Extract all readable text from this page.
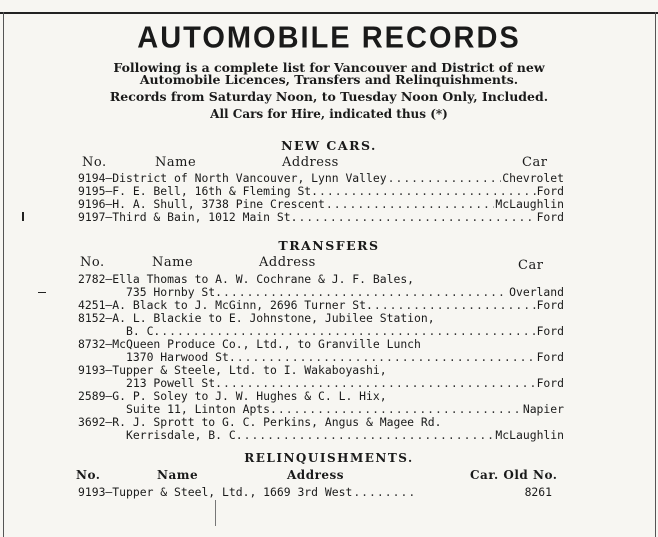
AUTOMOBILE RECORDS
Following is a complete list for Vancouver and District of new
Automobile Licences, Transfers and Relinquishments.
Records from Saturday Noon, to Tuesday Noon Only, Included.
All Cars for Hire, indicated thus (*)
NEW CARS.
No.	Name	Address	Car
9194—District of North Vancouver, Lynn Valley .....	Chevrolet
9195—F. E. Bell, 16th & Fleming St. .....	Ford
9196—H. A. Shull, 3738 Pine Crescent .....	McLaughlin
9197—Third & Bain, 1012 Main St. .....	Ford
TRANSFERS
No.	Name	Address	Car
2782—Ella Thomas to A. W. Cochrane & J. F. Bales,
735 Hornby St. .....	Overland
4251—A. Black to J. McGinn, 2696 Turner St. .....	Ford
8152—A. L. Blackie to E. Johnstone, Jubilee Station,
B. C. .....	Ford
8732—McQueen Produce Co., Ltd., to Granville Lunch
1370 Harwood St. .....	Ford
9193—Tupper & Steele, Ltd. to I. Wakaboyashi,
213 Powell St. .....	Ford
2589—G. P. Soley to J. W. Hughes & C. L. Hix,
Suite 11, Linton Apts. .....	Napier
3692—R. J. Sprott to G. C. Perkins, Angus & Magee Rd.
Kerrisdale, B. C. .....	McLaughlin
RELINQUISHMENTS.
No.	Name	Address	Car. Old No.
9193—Tupper & Steel, Ltd., 1669 3rd West .....	8261
